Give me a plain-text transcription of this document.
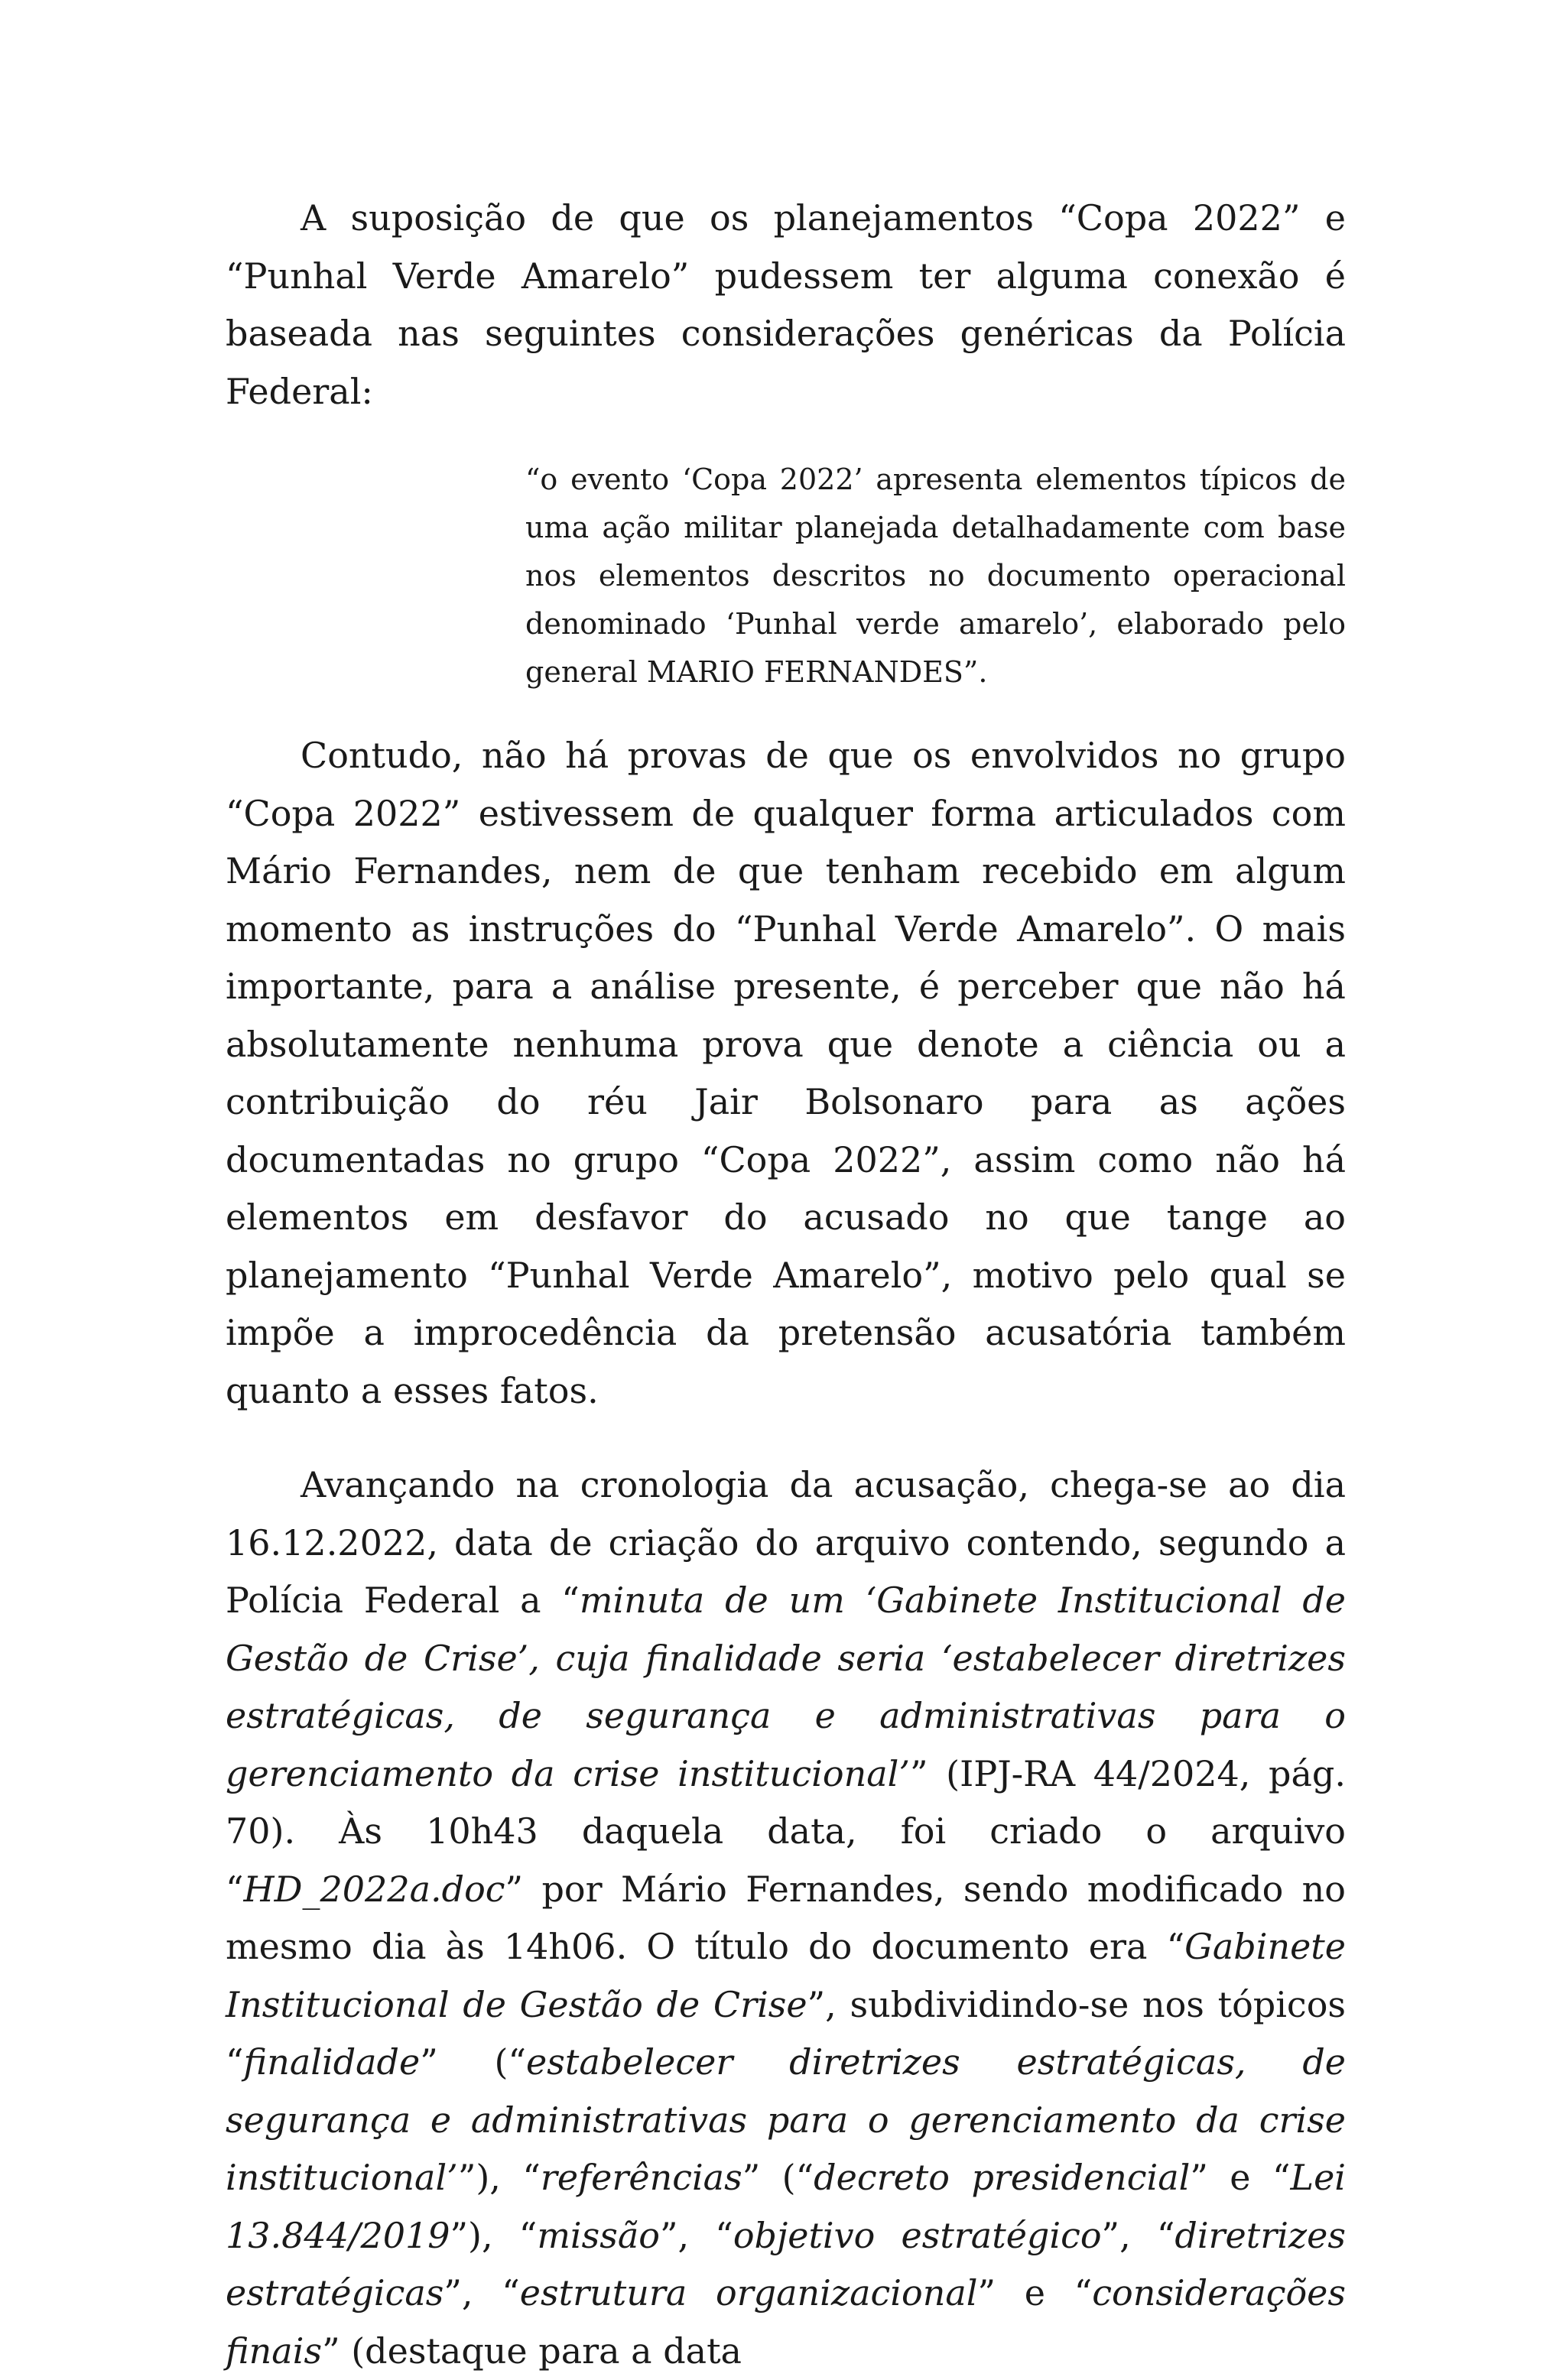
A suposição de que os planejamentos “Copa 2022” e “Punhal Verde Amarelo” pudessem ter alguma conexão é baseada nas seguintes considerações genéricas da Polícia Federal:

“o evento ‘Copa 2022’ apresenta elementos típicos de uma ação militar planejada detalhadamente com base nos elementos descritos no documento operacional denominado ‘Punhal verde amarelo’, elaborado pelo general MARIO FERNANDES”.

Contudo, não há provas de que os envolvidos no grupo “Copa 2022” estivessem de qualquer forma articulados com Mário Fernandes, nem de que tenham recebido em algum momento as instruções do “Punhal Verde Amarelo”. O mais importante, para a análise presente, é perceber que não há absolutamente nenhuma prova que denote a ciência ou a contribuição do réu Jair Bolsonaro para as ações documentadas no grupo “Copa 2022”, assim como não há elementos em desfavor do acusado no que tange ao planejamento “Punhal Verde Amarelo”, motivo pelo qual se impõe a improcedência da pretensão acusatória também quanto a esses fatos.

Avançando na cronologia da acusação, chega-se ao dia 16.12.2022, data de criação do arquivo contendo, segundo a Polícia Federal a “minuta de um ‘Gabinete Institucional de Gestão de Crise’, cuja finalidade seria ‘estabelecer diretrizes estratégicas, de segurança e administrativas para o gerenciamento da crise institucional’” (IPJ-RA 44/2024, pág. 70). Às 10h43 daquela data, foi criado o arquivo “HD_2022a.doc” por Mário Fernandes, sendo modificado no mesmo dia às 14h06. O título do documento era “Gabinete Institucional de Gestão de Crise”, subdividindo-se nos tópicos “finalidade” (“estabelecer diretrizes estratégicas, de segurança e administrativas para o gerenciamento da crise institucional’”), “referências” (“decreto presidencial” e “Lei 13.844/2019”), “missão”, “objetivo estratégico”, “diretrizes estratégicas”, “estrutura organizacional” e “considerações finais” (destaque para a data
